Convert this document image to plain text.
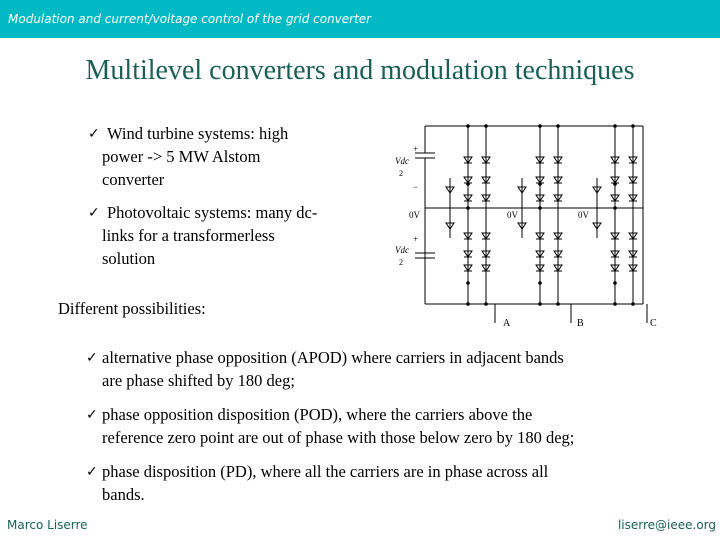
Modulation and current/voltage control of the grid converter
Multilevel converters and modulation techniques
✓ Wind turbine systems: high
power -> 5 MW Alstom
converter
✓ Photovoltaic systems: many dc-
links for a transformerless
solution
Different possibilities:
✓ alternative phase opposition (APOD) where carriers in adjacent bands
are phase shifted by 180 deg;
✓ phase opposition disposition (POD), where the carriers above the
reference zero point are out of phase with those below zero by 180 deg;
✓ phase disposition (PD), where all the carriers are in phase across all
bands.
Vdc
2
Vdc
2
+
−
+
0V	0V	0V
A	B	C
Marco Liserre	liserre@ieee.org
